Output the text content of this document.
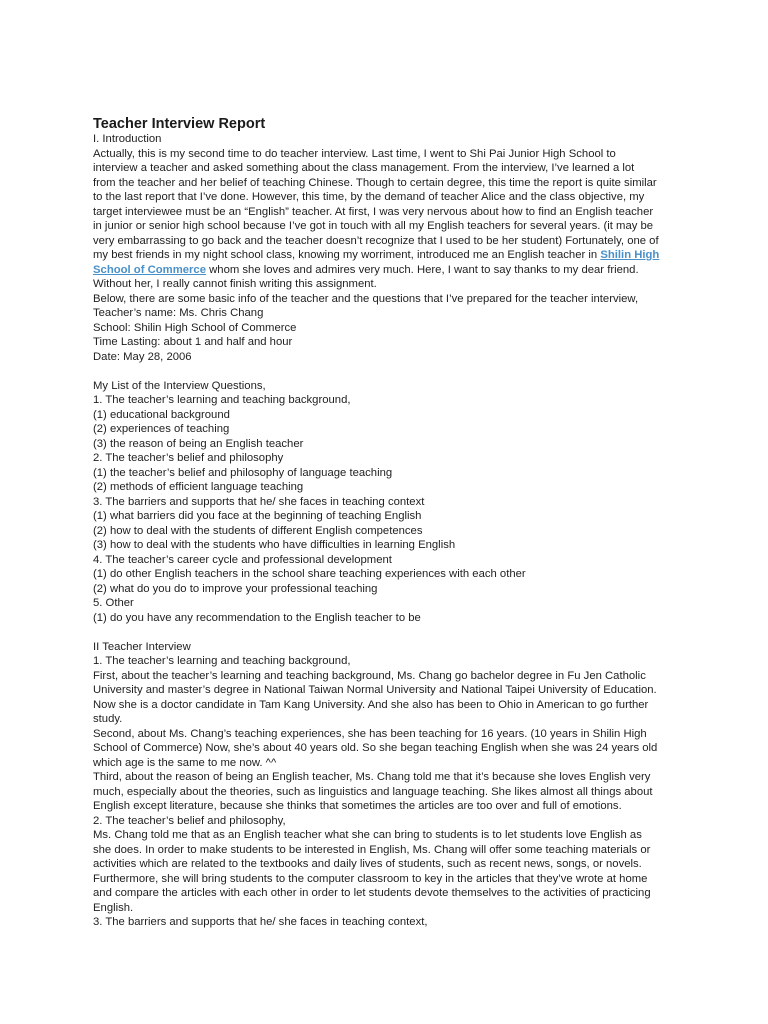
Teacher Interview Report
I. Introduction
Actually, this is my second time to do teacher interview. Last time, I went to Shi Pai Junior High School to
interview a teacher and asked something about the class management. From the interview, I’ve learned a lot
from the teacher and her belief of teaching Chinese. Though to certain degree, this time the report is quite similar
to the last report that I’ve done. However, this time, by the demand of teacher Alice and the class objective, my
target interviewee must be an “English” teacher. At first, I was very nervous about how to find an English teacher
in junior or senior high school because I’ve got in touch with all my English teachers for several years. (it may be
very embarrassing to go back and the teacher doesn’t recognize that I used to be her student) Fortunately, one of
my best friends in my night school class, knowing my worriment, introduced me an English teacher in Shilin High
School of Commerce whom she loves and admires very much. Here, I want to say thanks to my dear friend.
Without her, I really cannot finish writing this assignment.
Below, there are some basic info of the teacher and the questions that I’ve prepared for the teacher interview,
Teacher’s name: Ms. Chris Chang
School: Shilin High School of Commerce
Time Lasting: about 1 and half and hour
Date: May 28, 2006
My List of the Interview Questions,
1. The teacher’s learning and teaching background,
(1) educational background
(2) experiences of teaching
(3) the reason of being an English teacher
2. The teacher’s belief and philosophy
(1) the teacher’s belief and philosophy of language teaching
(2) methods of efficient language teaching
3. The barriers and supports that he/ she faces in teaching context
(1) what barriers did you face at the beginning of teaching English
(2) how to deal with the students of different English competences
(3) how to deal with the students who have difficulties in learning English
4. The teacher’s career cycle and professional development
(1) do other English teachers in the school share teaching experiences with each other
(2) what do you do to improve your professional teaching
5. Other
(1) do you have any recommendation to the English teacher to be
II Teacher Interview
1. The teacher’s learning and teaching background,
First, about the teacher’s learning and teaching background, Ms. Chang go bachelor degree in Fu Jen Catholic
University and master’s degree in National Taiwan Normal University and National Taipei University of Education.
Now she is a doctor candidate in Tam Kang University. And she also has been to Ohio in American to go further
study.
Second, about Ms. Chang’s teaching experiences, she has been teaching for 16 years. (10 years in Shilin High
School of Commerce) Now, she’s about 40 years old. So she began teaching English when she was 24 years old
which age is the same to me now. ^^
Third, about the reason of being an English teacher, Ms. Chang told me that it’s because she loves English very
much, especially about the theories, such as linguistics and language teaching. She likes almost all things about
English except literature, because she thinks that sometimes the articles are too over and full of emotions.
2. The teacher’s belief and philosophy,
Ms. Chang told me that as an English teacher what she can bring to students is to let students love English as
she does. In order to make students to be interested in English, Ms. Chang will offer some teaching materials or
activities which are related to the textbooks and daily lives of students, such as recent news, songs, or novels.
Furthermore, she will bring students to the computer classroom to key in the articles that they’ve wrote at home
and compare the articles with each other in order to let students devote themselves to the activities of practicing
English.
3. The barriers and supports that he/ she faces in teaching context,
